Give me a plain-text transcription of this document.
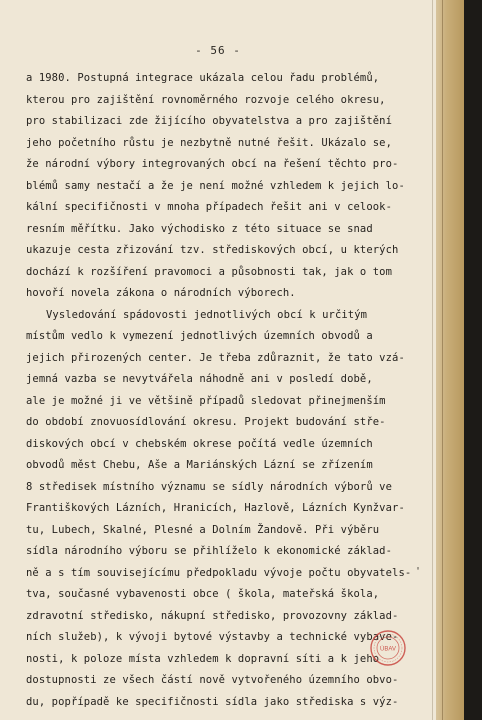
- 56 -
a 1980. Postupná integrace ukázala celou řadu problémů,
kterou pro zajištění rovnoměrného rozvoje celého okresu,
pro stabilizaci zde žijícího obyvatelstva a pro zajištění
jeho početního růstu je nezbytně nutné řešit. Ukázalo se,
že národní výbory integrovaných obcí na řešení těchto pro-
blémů samy nestačí a že je není možné vzhledem k jejich lo-
kální specifičnosti v mnoha případech řešit ani v celook-
resním měřítku. Jako východisko z této situace se snad
ukazuje cesta zřizování tzv. střediskových obcí, u kterých
dochází k rozšíření pravomoci a působnosti tak, jak o tom
hovoří novela zákona o národních výborech.
Vysledování spádovosti jednotlivých obcí k určitým
místům vedlo k vymezení jednotlivých územních obvodů a
jejich přirozených center. Je třeba zdůraznit, že tato vzá-
jemná vazba se nevytvářela náhodně ani v posledí době,
ale je možné ji ve většině případů sledovat přinejmenším
do období znovuosídlování okresu. Projekt budování stře-
diskových obcí v chebském okrese počítá vedle územních
obvodů měst Chebu, Aše a Mariánských Lázní se zřízením
8 středisek místního významu se sídly národních výborů ve
Františkových Lázních, Hranicích, Hazlově, Lázních Kynžvar-
tu, Lubech, Skalné, Plesné a Dolním Žandově. Při výběru
sídla národního výboru se přihlíželo k ekonomické základ-
ně a s tím souvisejícímu předpokladu vývoje počtu obyvatels-
tva, současné vybavenosti obce ( škola, mateřská škola,
zdravotní středisko, nákupní středisko, provozovny základ-
ních služeb), k vývoji bytové výstavby a technické vybave-
nosti, k poloze místa vzhledem k dopravní síti a k jeho
dostupnosti ze všech částí nově vytvořeného územního obvo-
du, popřípadě ke specifičnosti sídla jako střediska s výz-
'
ÚBAV
